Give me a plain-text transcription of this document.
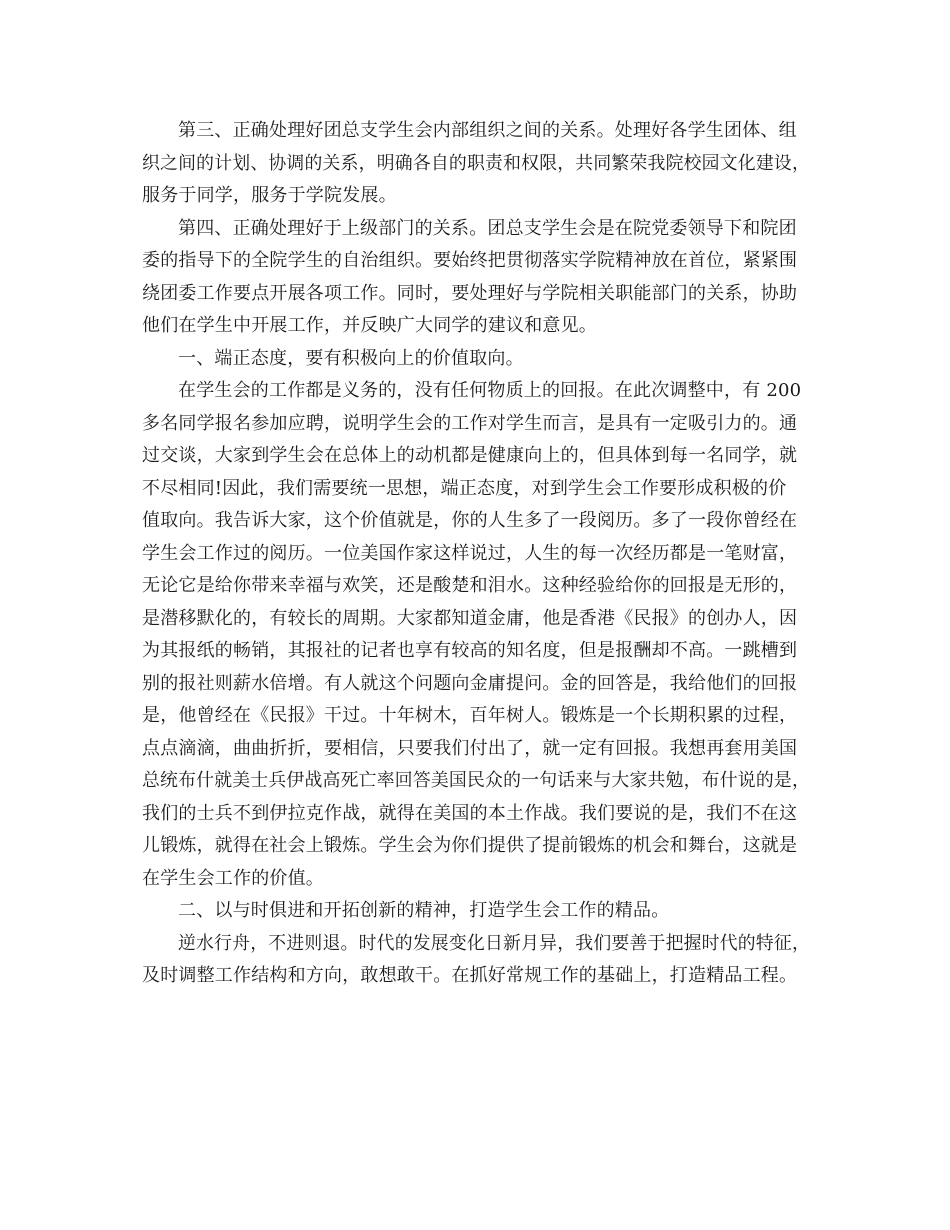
第三、正确处理好团总支学生会内部组织之间的关系。处理好各学生团体、组
织之间的计划、协调的关系，明确各自的职责和权限，共同繁荣我院校园文化建设，
服务于同学，服务于学院发展。
第四、正确处理好于上级部门的关系。团总支学生会是在院党委领导下和院团
委的指导下的全院学生的自治组织。要始终把贯彻落实学院精神放在首位，紧紧围
绕团委工作要点开展各项工作。同时，要处理好与学院相关职能部门的关系，协助
他们在学生中开展工作，并反映广大同学的建议和意见。
一、端正态度，要有积极向上的价值取向。
在学生会的工作都是义务的，没有任何物质上的回报。在此次调整中，有 200
多名同学报名参加应聘，说明学生会的工作对学生而言，是具有一定吸引力的。通
过交谈，大家到学生会在总体上的动机都是健康向上的，但具体到每一名同学，就
不尽相同!因此，我们需要统一思想，端正态度，对到学生会工作要形成积极的价
值取向。我告诉大家，这个价值就是，你的人生多了一段阅历。多了一段你曾经在
学生会工作过的阅历。一位美国作家这样说过，人生的每一次经历都是一笔财富，
无论它是给你带来幸福与欢笑，还是酸楚和泪水。这种经验给你的回报是无形的，
是潜移默化的，有较长的周期。大家都知道金庸，他是香港《民报》的创办人，因
为其报纸的畅销，其报社的记者也享有较高的知名度，但是报酬却不高。一跳槽到
别的报社则薪水倍增。有人就这个问题向金庸提问。金的回答是，我给他们的回报
是，他曾经在《民报》干过。十年树木，百年树人。锻炼是一个长期积累的过程，
点点滴滴，曲曲折折，要相信，只要我们付出了，就一定有回报。我想再套用美国
总统布什就美士兵伊战高死亡率回答美国民众的一句话来与大家共勉，布什说的是，
我们的士兵不到伊拉克作战，就得在美国的本土作战。我们要说的是，我们不在这
儿锻炼，就得在社会上锻炼。学生会为你们提供了提前锻炼的机会和舞台，这就是
在学生会工作的价值。
二、以与时俱进和开拓创新的精神，打造学生会工作的精品。
逆水行舟，不进则退。时代的发展变化日新月异，我们要善于把握时代的特征，
及时调整工作结构和方向，敢想敢干。在抓好常规工作的基础上，打造精品工程。
